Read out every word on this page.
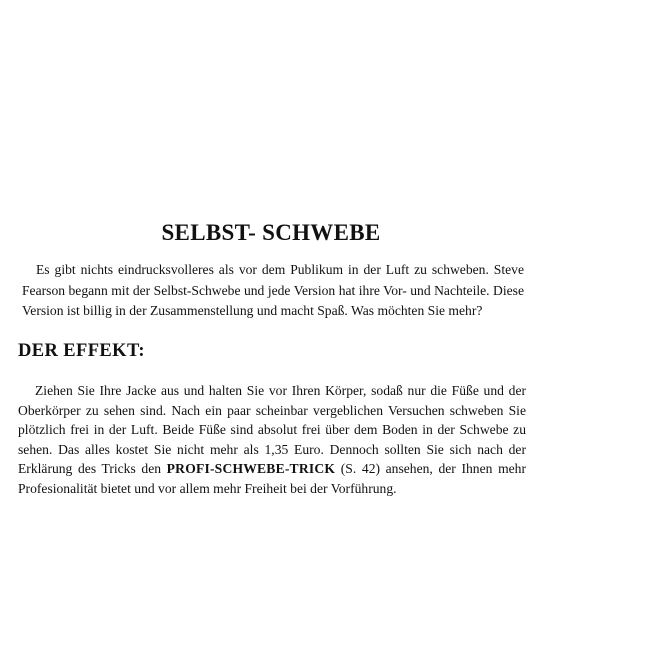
SELBST- SCHWEBE

Es gibt nichts eindrucksvolleres als vor dem Publikum in der Luft zu schweben. Steve Fearson begann mit der Selbst-Schwebe und jede Version hat ihre Vor- und Nachteile. Diese Version ist billig in der Zusammenstellung und macht Spaß. Was möchten Sie mehr?

DER EFFEKT:

Ziehen Sie Ihre Jacke aus und halten Sie vor Ihren Körper, sodaß nur die Füße und der Oberkörper zu sehen sind. Nach ein paar scheinbar vergeblichen Versuchen schweben Sie plötzlich frei in der Luft. Beide Füße sind absolut frei über dem Boden in der Schwebe zu sehen. Das alles kostet Sie nicht mehr als 1,35 Euro. Dennoch sollten Sie sich nach der Erklärung des Tricks den PROFI-SCHWEBE-TRICK (S. 42) ansehen, der Ihnen mehr Profesionalität bietet und vor allem mehr Freiheit bei der Vorführung.
